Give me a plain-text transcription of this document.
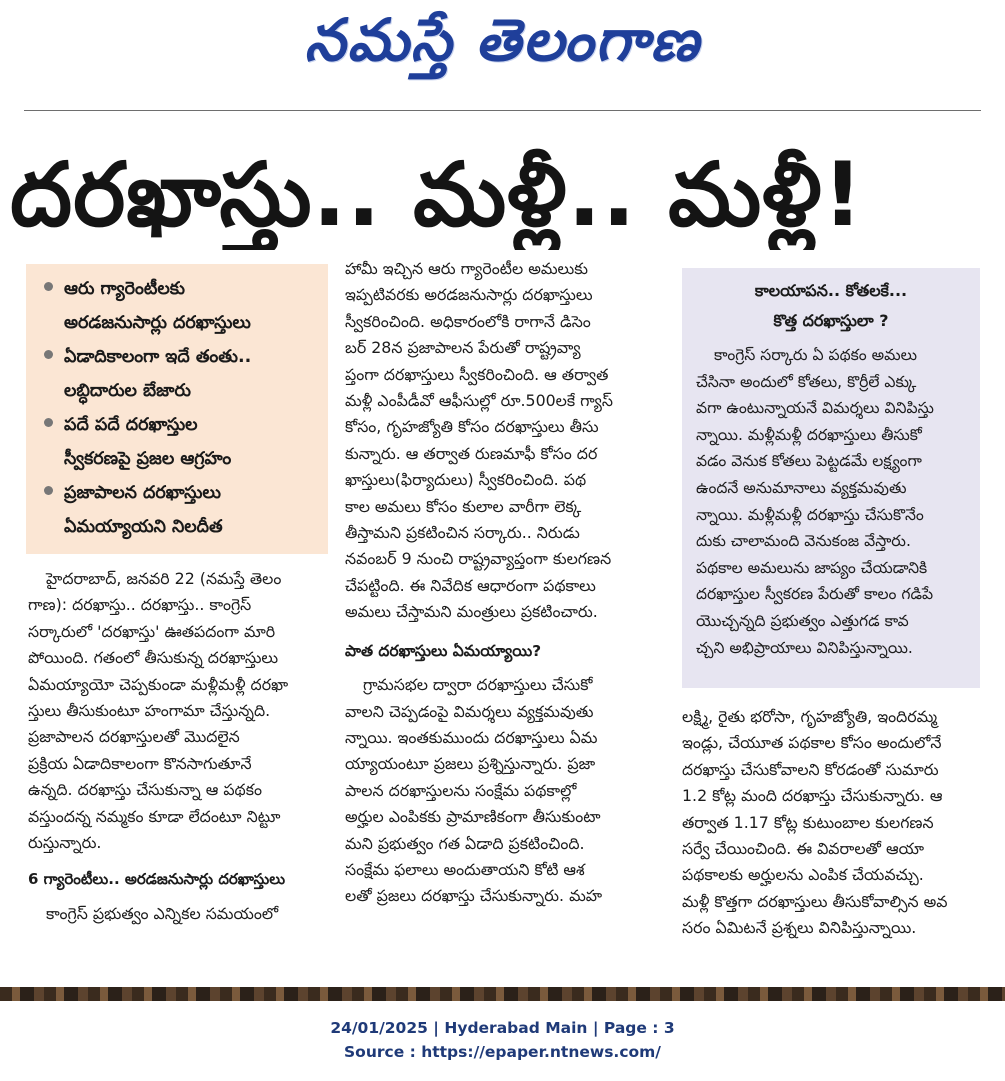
నమస్తే తెలంగాణ
దరఖాస్తు.. మళ్లీ.. మళ్లీ!
ఆరు గ్యారెంటీలకు
అరడజనుసార్లు దరఖాస్తులు
ఏడాదికాలంగా ఇదే తంతు..
లబ్ధిదారుల బేజారు
పదే పదే దరఖాస్తుల
స్వీకరణపై ప్రజల ఆగ్రహం
ప్రజాపాలన దరఖాస్తులు
ఏమయ్యాయని నిలదీత

హైదరాబాద్, జనవరి 22 (నమస్తే తెలం

గాణ): దరఖాస్తు.. దరఖాస్తు.. కాంగ్రెస్

సర్కారులో 'దరఖాస్తు' ఊతపదంగా మారి

పోయింది. గతంలో తీసుకున్న దరఖాస్తులు

ఏమయ్యాయో చెప్పకుండా మళ్లీమళ్లీ దరఖా

స్తులు తీసుకుంటూ హంగామా చేస్తున్నది.

ప్రజాపాలన దరఖాస్తులతో మొదలైన

ప్రక్రియ ఏడాదికాలంగా కొనసాగుతూనే

ఉన్నది. దరఖాస్తు చేసుకున్నా ఆ పథకం

వస్తుందన్న నమ్మకం కూడా లేదంటూ నిట్టూ

రుస్తున్నారు.

6 గ్యారెంటీలు.. అరడజనుసార్లు దరఖాస్తులు

కాంగ్రెస్ ప్రభుత్వం ఎన్నికల సమయంలో

హామీ ఇచ్చిన ఆరు గ్యారెంటీల అమలుకు

ఇప్పటివరకు అరడజనుసార్లు దరఖాస్తులు

స్వీకరించింది. అధికారంలోకి రాగానే డిసెం

బర్ 28న ప్రజాపాలన పేరుతో రాష్ట్రవ్యా

ప్తంగా దరఖాస్తులు స్వీకరించింది. ఆ తర్వాత

మళ్లీ ఎంపీడీవో ఆఫీసుల్లో రూ.500లకే గ్యాస్

కోసం, గృహజ్యోతి కోసం దరఖాస్తులు తీసు

కున్నారు. ఆ తర్వాత రుణమాఫీ కోసం దర

ఖాస్తులు(ఫిర్యాదులు) స్వీకరించింది. పథ

కాల అమలు కోసం కులాల వారీగా లెక్క

తీస్తామని ప్రకటించిన సర్కారు.. నిరుడు

నవంబర్ 9 నుంచి రాష్ట్రవ్యాప్తంగా కులగణన

చేపట్టింది. ఈ నివేదిక ఆధారంగా పథకాలు

అమలు చేస్తామని మంత్రులు ప్రకటించారు.

పాత దరఖాస్తులు ఏమయ్యాయి?

గ్రామసభల ద్వారా దరఖాస్తులు చేసుకో

వాలని చెప్పడంపై విమర్శలు వ్యక్తమవుతు

న్నాయి. ఇంతకుముందు దరఖాస్తులు ఏమ

య్యాయంటూ ప్రజలు ప్రశ్నిస్తున్నారు. ప్రజా

పాలన దరఖాస్తులను సంక్షేమ పథకాల్లో

అర్హుల ఎంపికకు ప్రామాణికంగా తీసుకుంటా

మని ప్రభుత్వం గత ఏడాది ప్రకటించింది.

సంక్షేమ ఫలాలు అందుతాయని కోటి ఆశ

లతో ప్రజలు దరఖాస్తు చేసుకున్నారు. మహ

కాలయాపన.. కోతలకే...
కొత్త దరఖాస్తులా ?

కాంగ్రెస్ సర్కారు ఏ పథకం అమలు

చేసినా అందులో కోతలు, కొర్రీలే ఎక్కు

వగా ఉంటున్నాయనే విమర్శలు వినిపిస్తు

న్నాయి. మళ్లీమళ్లీ దరఖాస్తులు తీసుకో

వడం వెనుక కోతలు పెట్టడమే లక్ష్యంగా

ఉందనే అనుమానాలు వ్యక్తమవుతు

న్నాయి. మళ్లీమళ్లీ దరఖాస్తు చేసుకొనేం

దుకు చాలామంది వెనుకంజ వేస్తారు.

పథకాల అమలును జాప్యం చేయడానికి

దరఖాస్తుల స్వీకరణ పేరుతో కాలం గడిపే

యొచ్చన్నది ప్రభుత్వం ఎత్తుగడ కావ

చ్చని అభిప్రాయాలు వినిపిస్తున్నాయి.

లక్ష్మి, రైతు భరోసా, గృహజ్యోతి, ఇందిరమ్మ

ఇండ్లు, చేయూత పథకాల కోసం అందులోనే

దరఖాస్తు చేసుకోవాలని కోరడంతో సుమారు

1.2 కోట్ల మంది దరఖాస్తు చేసుకున్నారు. ఆ

తర్వాత 1.17 కోట్ల కుటుంబాల కులగణన

సర్వే చేయించింది. ఈ వివరాలతో ఆయా

పథకాలకు అర్హులను ఎంపిక చేయవచ్చు.

మళ్లీ కొత్తగా దరఖాస్తులు తీసుకోవాల్సిన అవ

సరం ఏమిటనే ప్రశ్నలు వినిపిస్తున్నాయి.

24/01/2025 | Hyderabad Main | Page : 3
Source : https://epaper.ntnews.com/
